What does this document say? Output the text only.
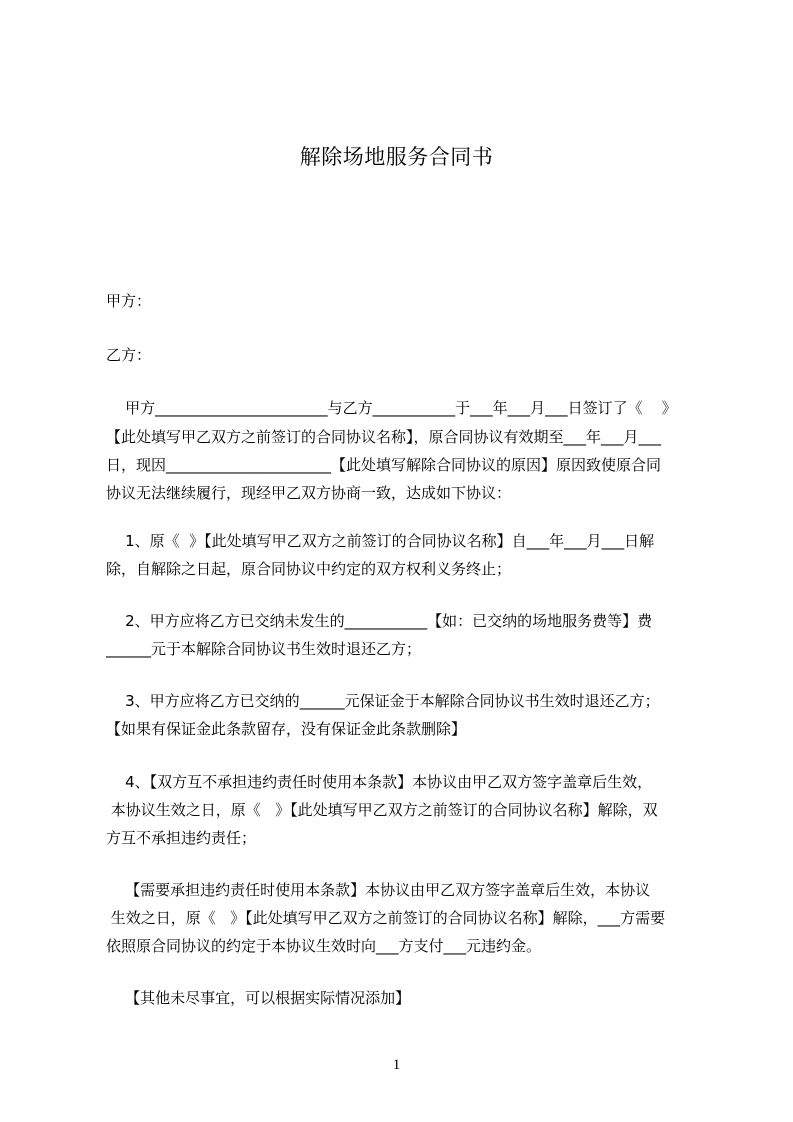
解除场地服务合同书
甲方：
乙方：
甲方_______________________与乙方___________于___年___月___日签订了《    》
【此处填写甲乙双方之前签订的合同协议名称】，原合同协议有效期至___年___月___
日，现因______________________【此处填写解除合同协议的原因】原因致使原合同
协议无法继续履行，现经甲乙双方协商一致，达成如下协议：
1、原《  》【此处填写甲乙双方之前签订的合同协议名称】自___年___月___日解
除，自解除之日起，原合同协议中约定的双方权利义务终止；
2、甲方应将乙方已交纳未发生的___________【如：已交纳的场地服务费等】费
______元于本解除合同协议书生效时退还乙方；
3、甲方应将乙方已交纳的______元保证金于本解除合同协议书生效时退还乙方；
【如果有保证金此条款留存，没有保证金此条款删除】
4、【双方互不承担违约责任时使用本条款】本协议由甲乙双方签字盖章后生效，
本协议生效之日，原《   》【此处填写甲乙双方之前签订的合同协议名称】解除，双
方互不承担违约责任；
【需要承担违约责任时使用本条款】本协议由甲乙双方签字盖章后生效，本协议
生效之日，原《   》【此处填写甲乙双方之前签订的合同协议名称】解除，___方需要
依照原合同协议的约定于本协议生效时向___方支付___元违约金。
【其他未尽事宜，可以根据实际情况添加】
1
